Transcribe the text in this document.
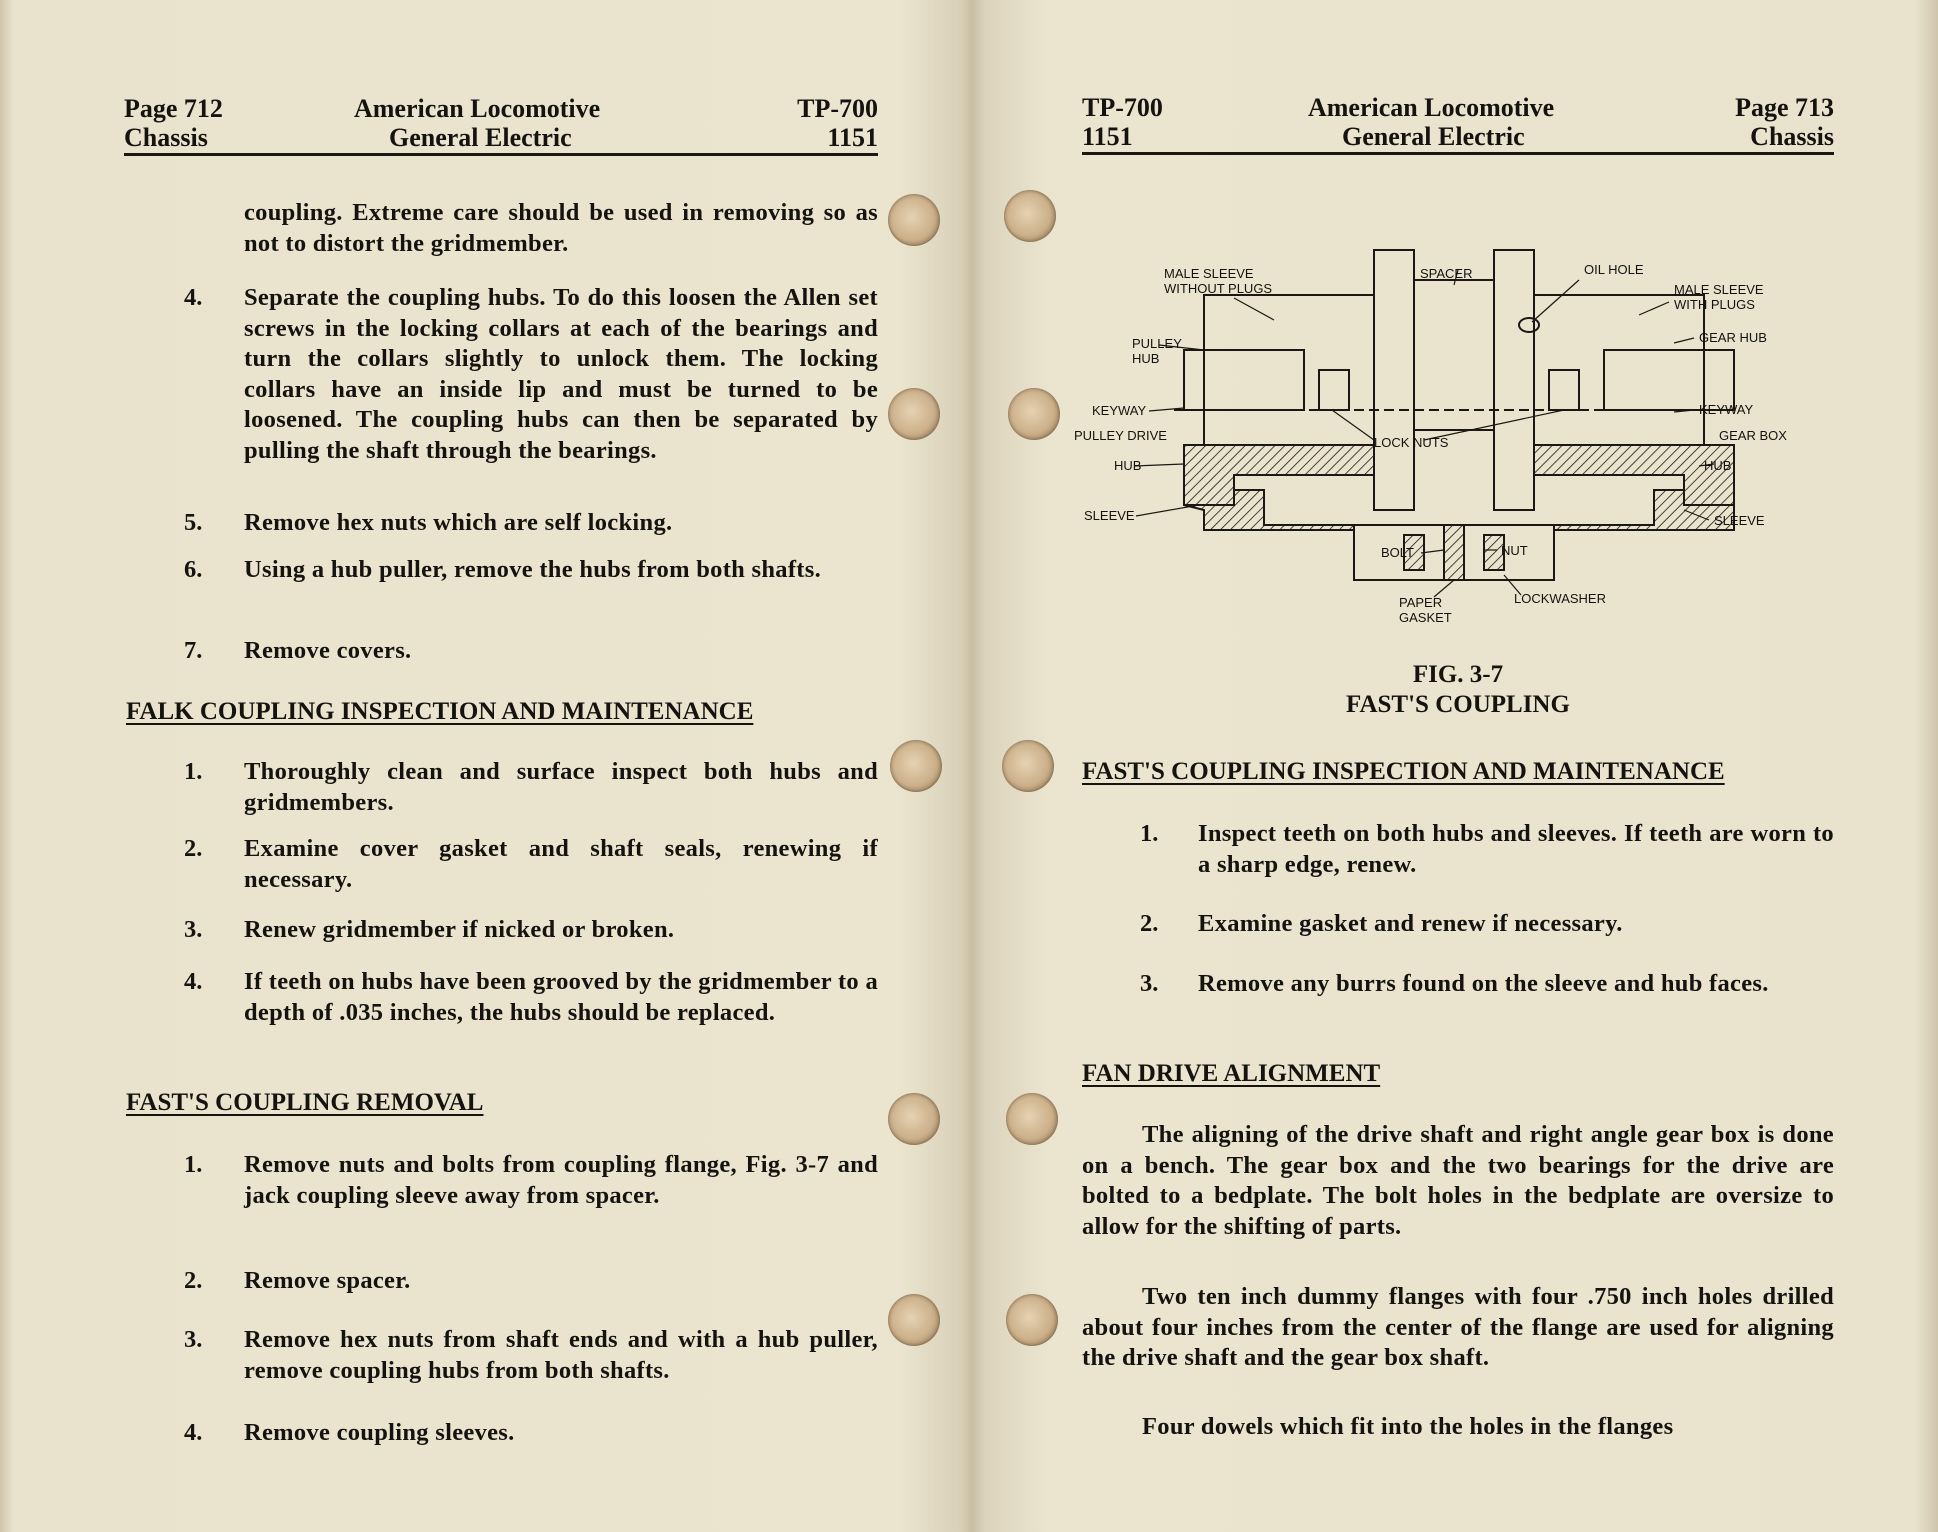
Page 712
Chassis
American Locomotive
General Electric
TP-700
1151
coupling. Extreme care should be used in removing so as not to distort the gridmember.
4. Separate the coupling hubs. To do this loosen the Allen set screws in the locking collars at each of the bearings and turn the collars slightly to unlock them. The locking collars have an inside lip and must be turned to be loosened. The coupling hubs can then be separated by pulling the shaft through the bearings.
5. Remove hex nuts which are self locking.
6. Using a hub puller, remove the hubs from both shafts.
7. Remove covers.
FALK COUPLING INSPECTION AND MAINTENANCE
1. Thoroughly clean and surface inspect both hubs and gridmembers.
2. Examine cover gasket and shaft seals, renewing if necessary.
3. Renew gridmember if nicked or broken.
4. If teeth on hubs have been grooved by the gridmember to a depth of .035 inches, the hubs should be replaced.
FAST'S COUPLING REMOVAL
1. Remove nuts and bolts from coupling flange, Fig. 3-7 and jack coupling sleeve away from spacer.
2. Remove spacer.
3. Remove hex nuts from shaft ends and with a hub puller, remove coupling hubs from both shafts.
4. Remove coupling sleeves.
TP-700
1151
American Locomotive
General Electric
Page 713
Chassis
MALE SLEEVE
WITHOUT PLUGS
SPACER	OIL HOLE
MALE SLEEVE
WITH PLUGS
PULLEY
HUB
GEAR HUB
KEYWAY	KEYWAY
PULLEY DRIVE	GEAR BOX
LOCK NUTS
HUB	HUB
SLEEVE	SLEEVE
BOLT	NUT
PAPER
GASKET
LOCKWASHER
FIG. 3-7
FAST'S COUPLING
FAST'S COUPLING INSPECTION AND MAINTENANCE
1. Inspect teeth on both hubs and sleeves. If teeth are worn to a sharp edge, renew.
2. Examine gasket and renew if necessary.
3. Remove any burrs found on the sleeve and hub faces.
FAN DRIVE ALIGNMENT
The aligning of the drive shaft and right angle gear box is done on a bench. The gear box and the two bearings for the drive are bolted to a bedplate. The bolt holes in the bedplate are oversize to allow for the shifting of parts.
Two ten inch dummy flanges with four .750 inch holes drilled about four inches from the center of the flange are used for aligning the drive shaft and the gear box shaft.
Four dowels which fit into the holes in the flanges
